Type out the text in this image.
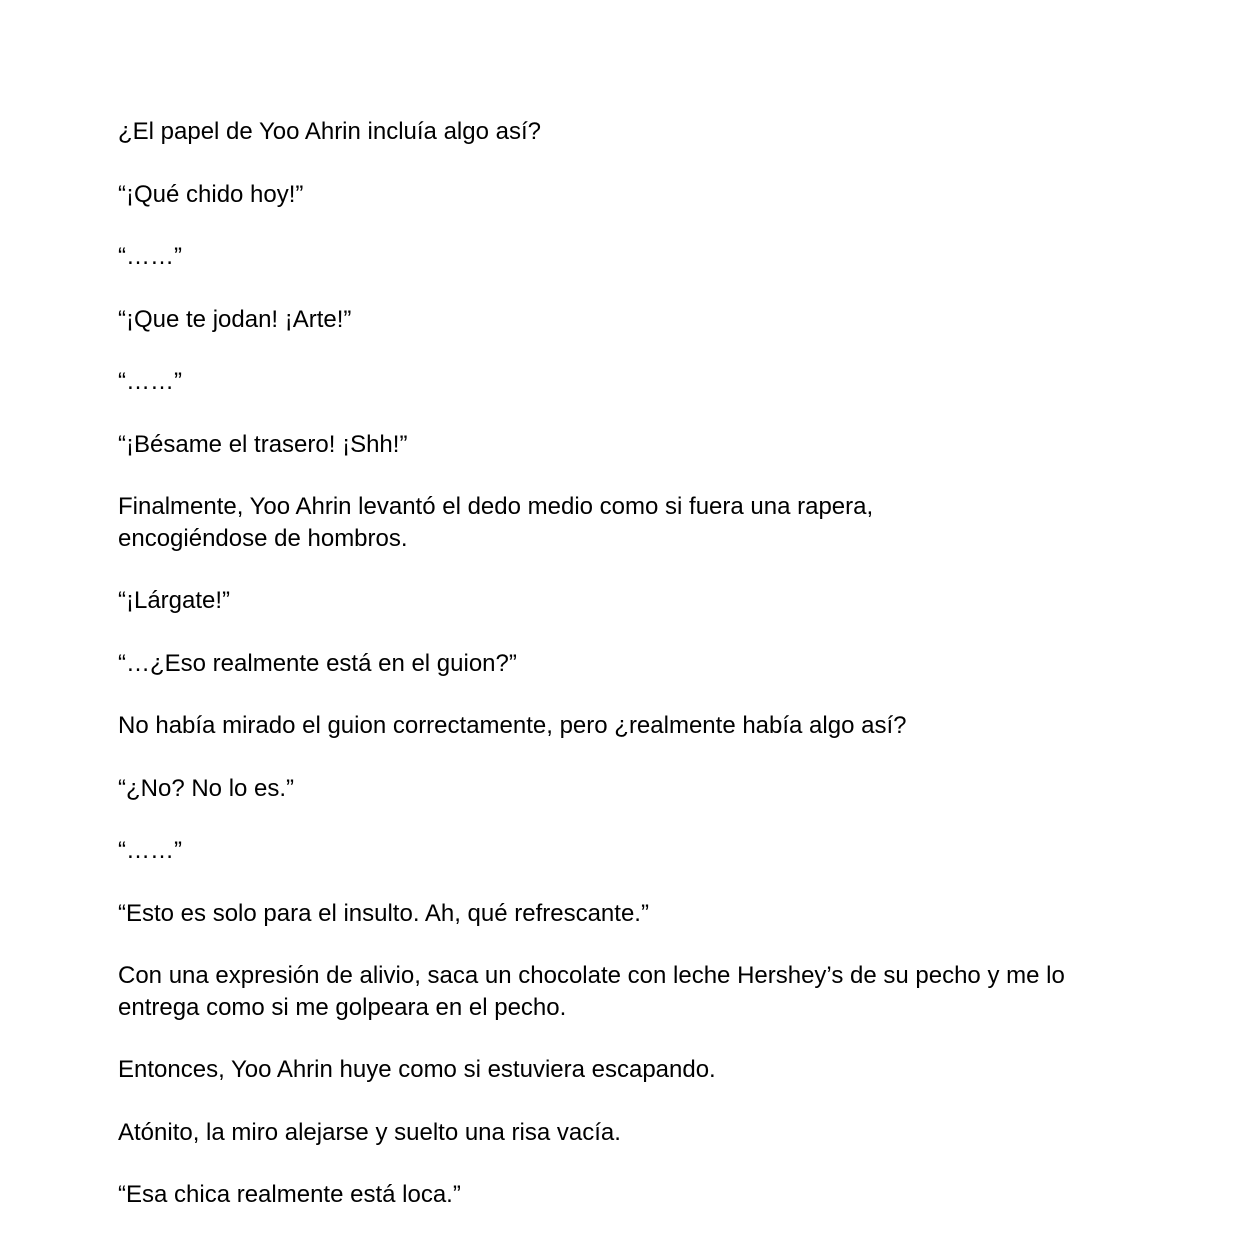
¿El papel de Yoo Ahrin incluía algo así?

“¡Qué chido hoy!”

“……”

“¡Que te jodan! ¡Arte!”

“……”

“¡Bésame el trasero! ¡Shh!”

Finalmente, Yoo Ahrin levantó el dedo medio como si fuera una rapera, encogiéndose de hombros.

“¡Lárgate!”

“…¿Eso realmente está en el guion?”

No había mirado el guion correctamente, pero ¿realmente había algo así?

“¿No? No lo es.”

“……”

“Esto es solo para el insulto. Ah, qué refrescante.”

Con una expresión de alivio, saca un chocolate con leche Hershey’s de su pecho y me lo entrega como si me golpeara en el pecho.

Entonces, Yoo Ahrin huye como si estuviera escapando.

Atónito, la miro alejarse y suelto una risa vacía.

“Esa chica realmente está loca.”
